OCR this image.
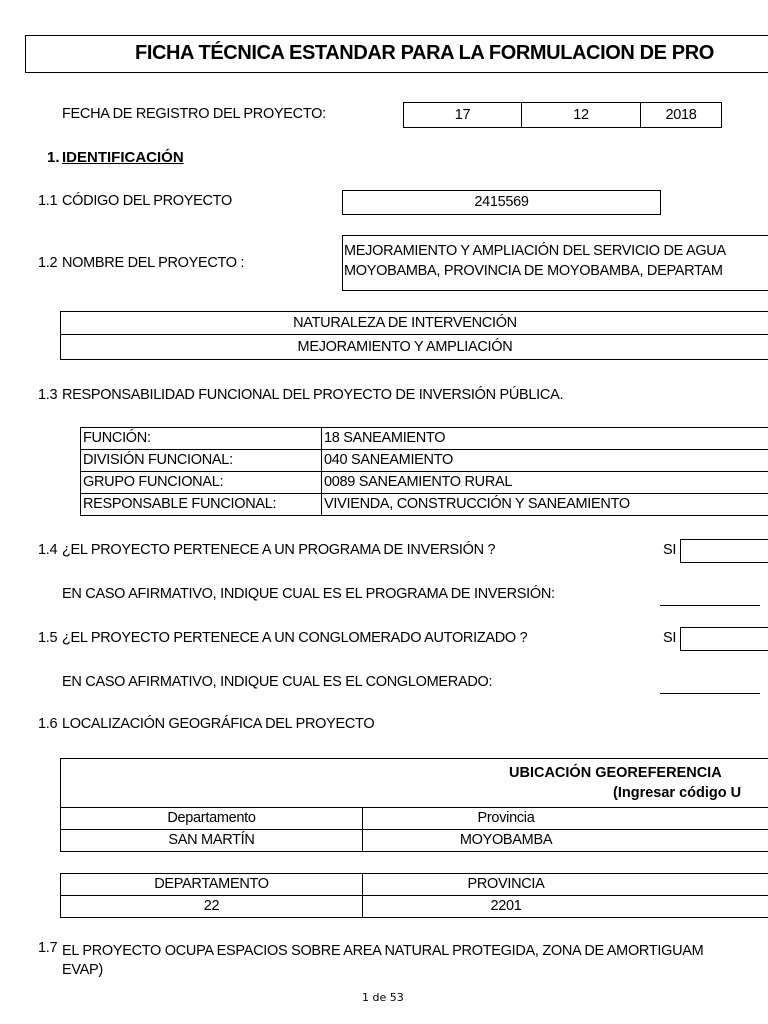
FICHA TÉCNICA ESTANDAR PARA LA FORMULACION DE PRO
FECHA DE REGISTRO DEL PROYECTO:	17	12	2018
1. IDENTIFICACIÓN
1.1 CÓDIGO DEL PROYECTO	2415569
1.2 NOMBRE DEL PROYECTO :
MEJORAMIENTO Y AMPLIACIÓN DEL SERVICIO DE AGUA
MOYOBAMBA, PROVINCIA DE MOYOBAMBA, DEPARTAM
NATURALEZA DE INTERVENCIÓN
MEJORAMIENTO Y AMPLIACIÓN
1.3 RESPONSABILIDAD FUNCIONAL DEL PROYECTO DE INVERSIÓN PÚBLICA.
FUNCIÓN:	18 SANEAMIENTO
DIVISIÓN FUNCIONAL:	040 SANEAMIENTO
GRUPO FUNCIONAL:	0089 SANEAMIENTO RURAL
RESPONSABLE FUNCIONAL:	VIVIENDA, CONSTRUCCIÓN Y SANEAMIENTO
1.4 ¿EL PROYECTO PERTENECE A UN PROGRAMA DE INVERSIÓN ?	SI
EN CASO AFIRMATIVO, INDIQUE CUAL ES EL PROGRAMA DE INVERSIÓN:
1.5 ¿EL PROYECTO PERTENECE A UN CONGLOMERADO AUTORIZADO ?	SI
EN CASO AFIRMATIVO, INDIQUE CUAL ES EL CONGLOMERADO:
1.6 LOCALIZACIÓN GEOGRÁFICA DEL PROYECTO
UBICACIÓN GEOREFERENCIA
(Ingresar código U
Departamento	Provincia
SAN MARTÍN	MOYOBAMBA
DEPARTAMENTO	PROVINCIA
22	2201
1.7 EL PROYECTO OCUPA ESPACIOS SOBRE AREA NATURAL PROTEGIDA, ZONA DE AMORTIGUAM
EVAP)
1 de 53
